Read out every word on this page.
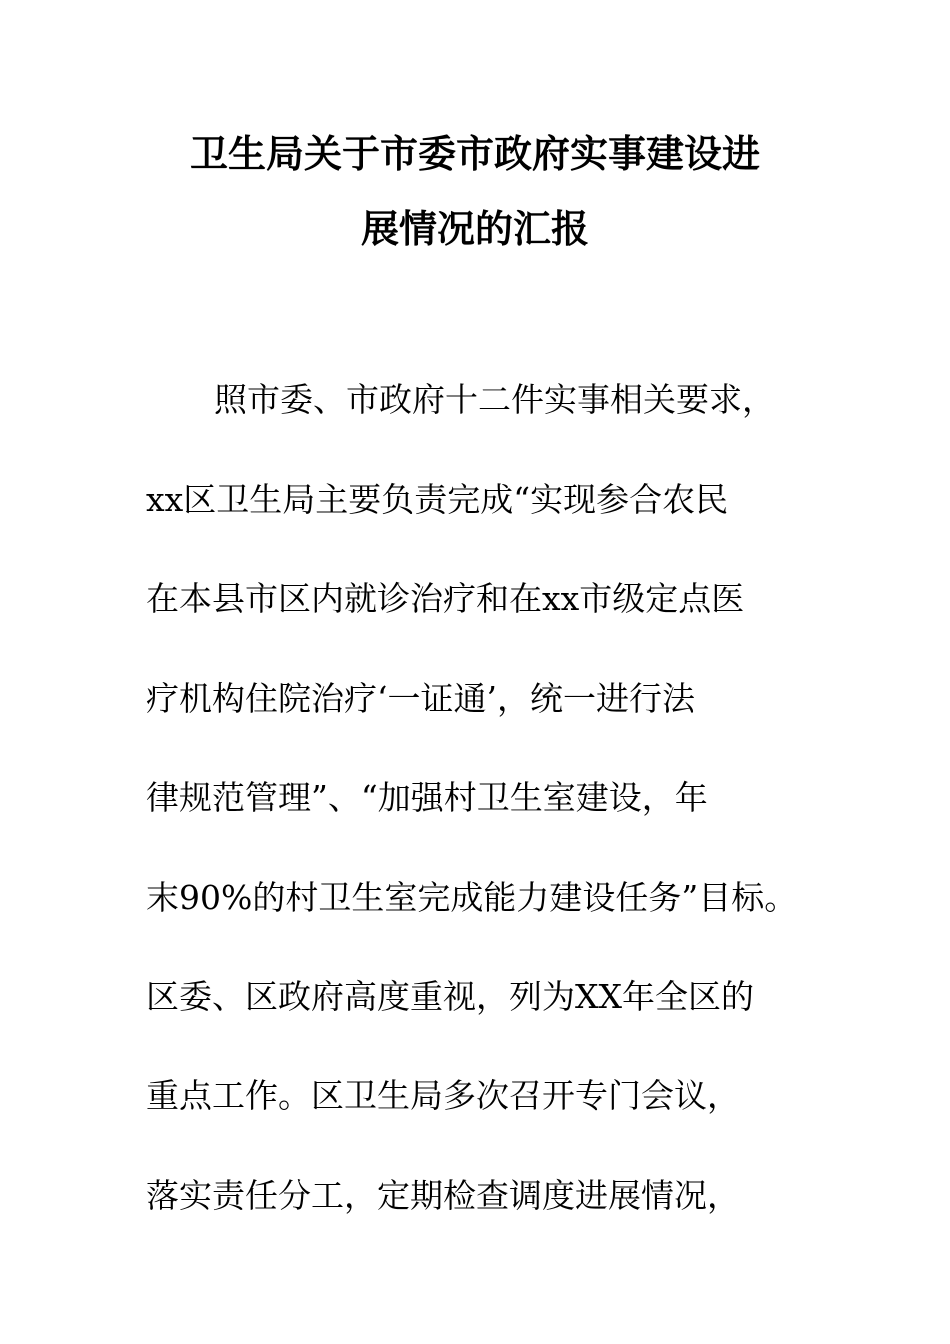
卫生局关于市委市政府实事建设进
展情况的汇报
照市委、市政府十二件实事相关要求，
xx区卫生局主要负责完成“实现参合农民
在本县市区内就诊治疗和在xx市级定点医
疗机构住院治疗‘一证通’，统一进行法
律规范管理”、“加强村卫生室建设，年
末90%的村卫生室完成能力建设任务”目标。
区委、区政府高度重视，列为XX年全区的
重点工作。区卫生局多次召开专门会议，
落实责任分工，定期检查调度进展情况，
